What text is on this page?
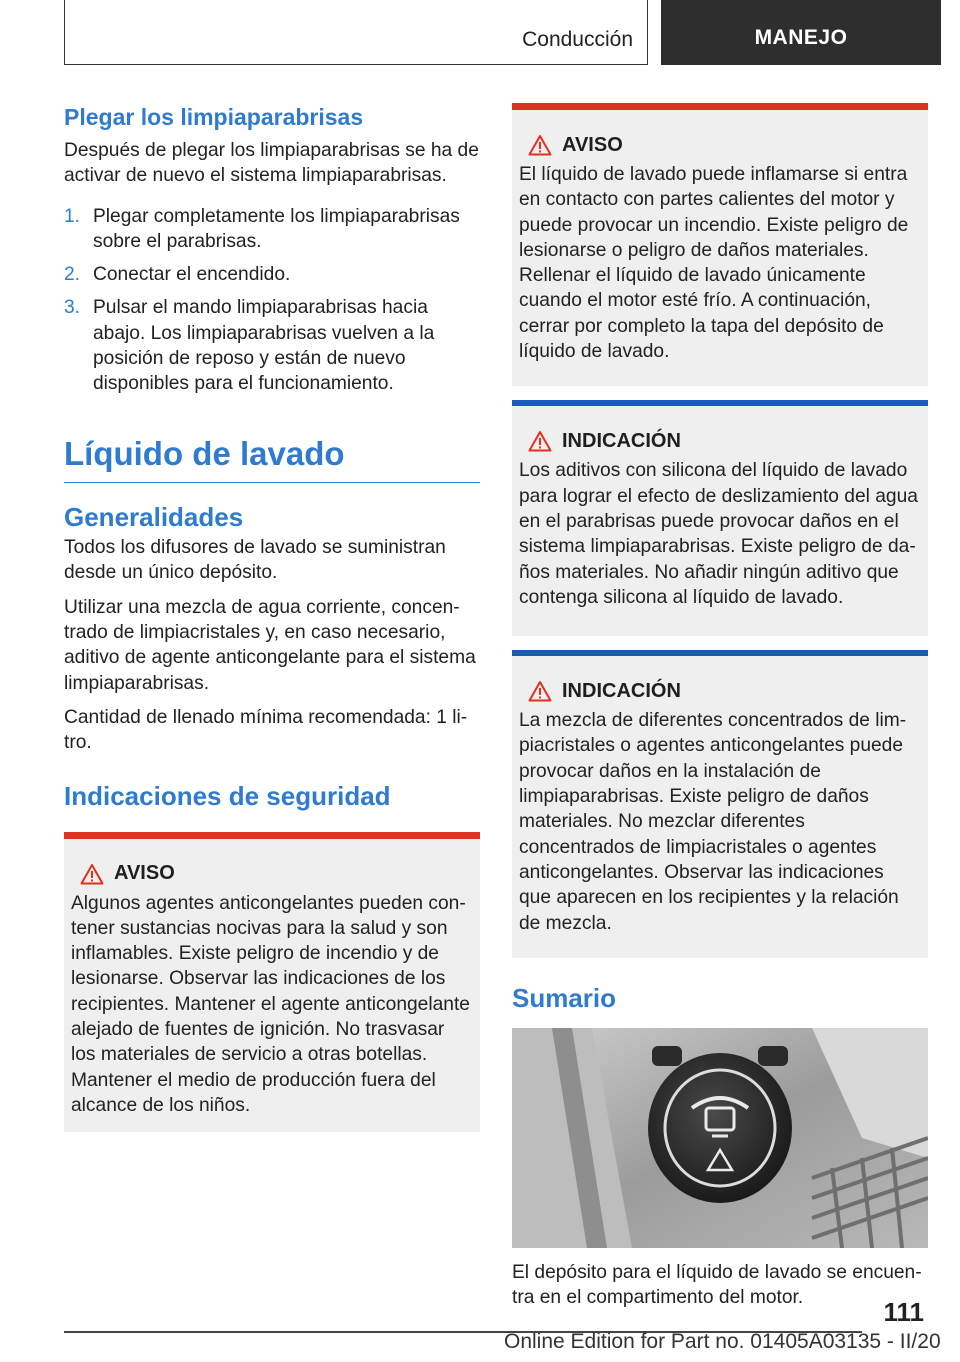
Conducción	MANEJO
Plegar los limpiaparabrisas

Después de plegar los limpiaparabrisas se ha de activar de nuevo el sistema limpiaparabrisas.

1. Plegar completamente los limpiaparabrisas sobre el parabrisas.
2. Conectar el encendido.
3. Pulsar el mando limpiaparabrisas hacia abajo. Los limpiaparabrisas vuelven a la posición de reposo y están de nuevo disponibles para el funcionamiento.
Líquido de lavado
Generalidades

Todos los difusores de lavado se suministran desde un único depósito.

Utilizar una mezcla de agua corriente, concentrado de limpiacristales y, en caso necesario, aditivo de agente anticongelante para el sistema limpiaparabrisas.

Cantidad de llenado mínima recomendada: 1 litro.

Indicaciones de seguridad
AVISO

Algunos agentes anticongelantes pueden contener sustancias nocivas para la salud y son inflamables. Existe peligro de incendio y de lesionarse. Observar las indicaciones de los recipientes. Mantener el agente anticongelante alejado de fuentes de ignición. No trasvasar los materiales de servicio a otras botellas. Mantener el medio de producción fuera del alcance de los niños.

AVISO

El líquido de lavado puede inflamarse si entra en contacto con partes calientes del motor y puede provocar un incendio. Existe peligro de lesionarse o peligro de daños materiales. Rellenar el líquido de lavado únicamente cuando el motor esté frío. A continuación, cerrar por completo la tapa del depósito de líquido de lavado.

INDICACIÓN

Los aditivos con silicona del líquido de lavado para lograr el efecto de deslizamiento del agua en el parabrisas puede provocar daños en el sistema limpiaparabrisas. Existe peligro de daños materiales. No añadir ningún aditivo que contenga silicona al líquido de lavado.

INDICACIÓN

La mezcla de diferentes concentrados de limpiacristales o agentes anticongelantes puede provocar daños en la instalación de limpiaparabrisas. Existe peligro de daños materiales. No mezclar diferentes concentrados de limpiacristales o agentes anticongelantes. Observar las indicaciones que aparecen en los recipientes y la relación de mezcla.

Sumario

El depósito para el líquido de lavado se encuentra en el compartimento del motor.	111
Online Edition for Part no. 01405A03135 - II/20
